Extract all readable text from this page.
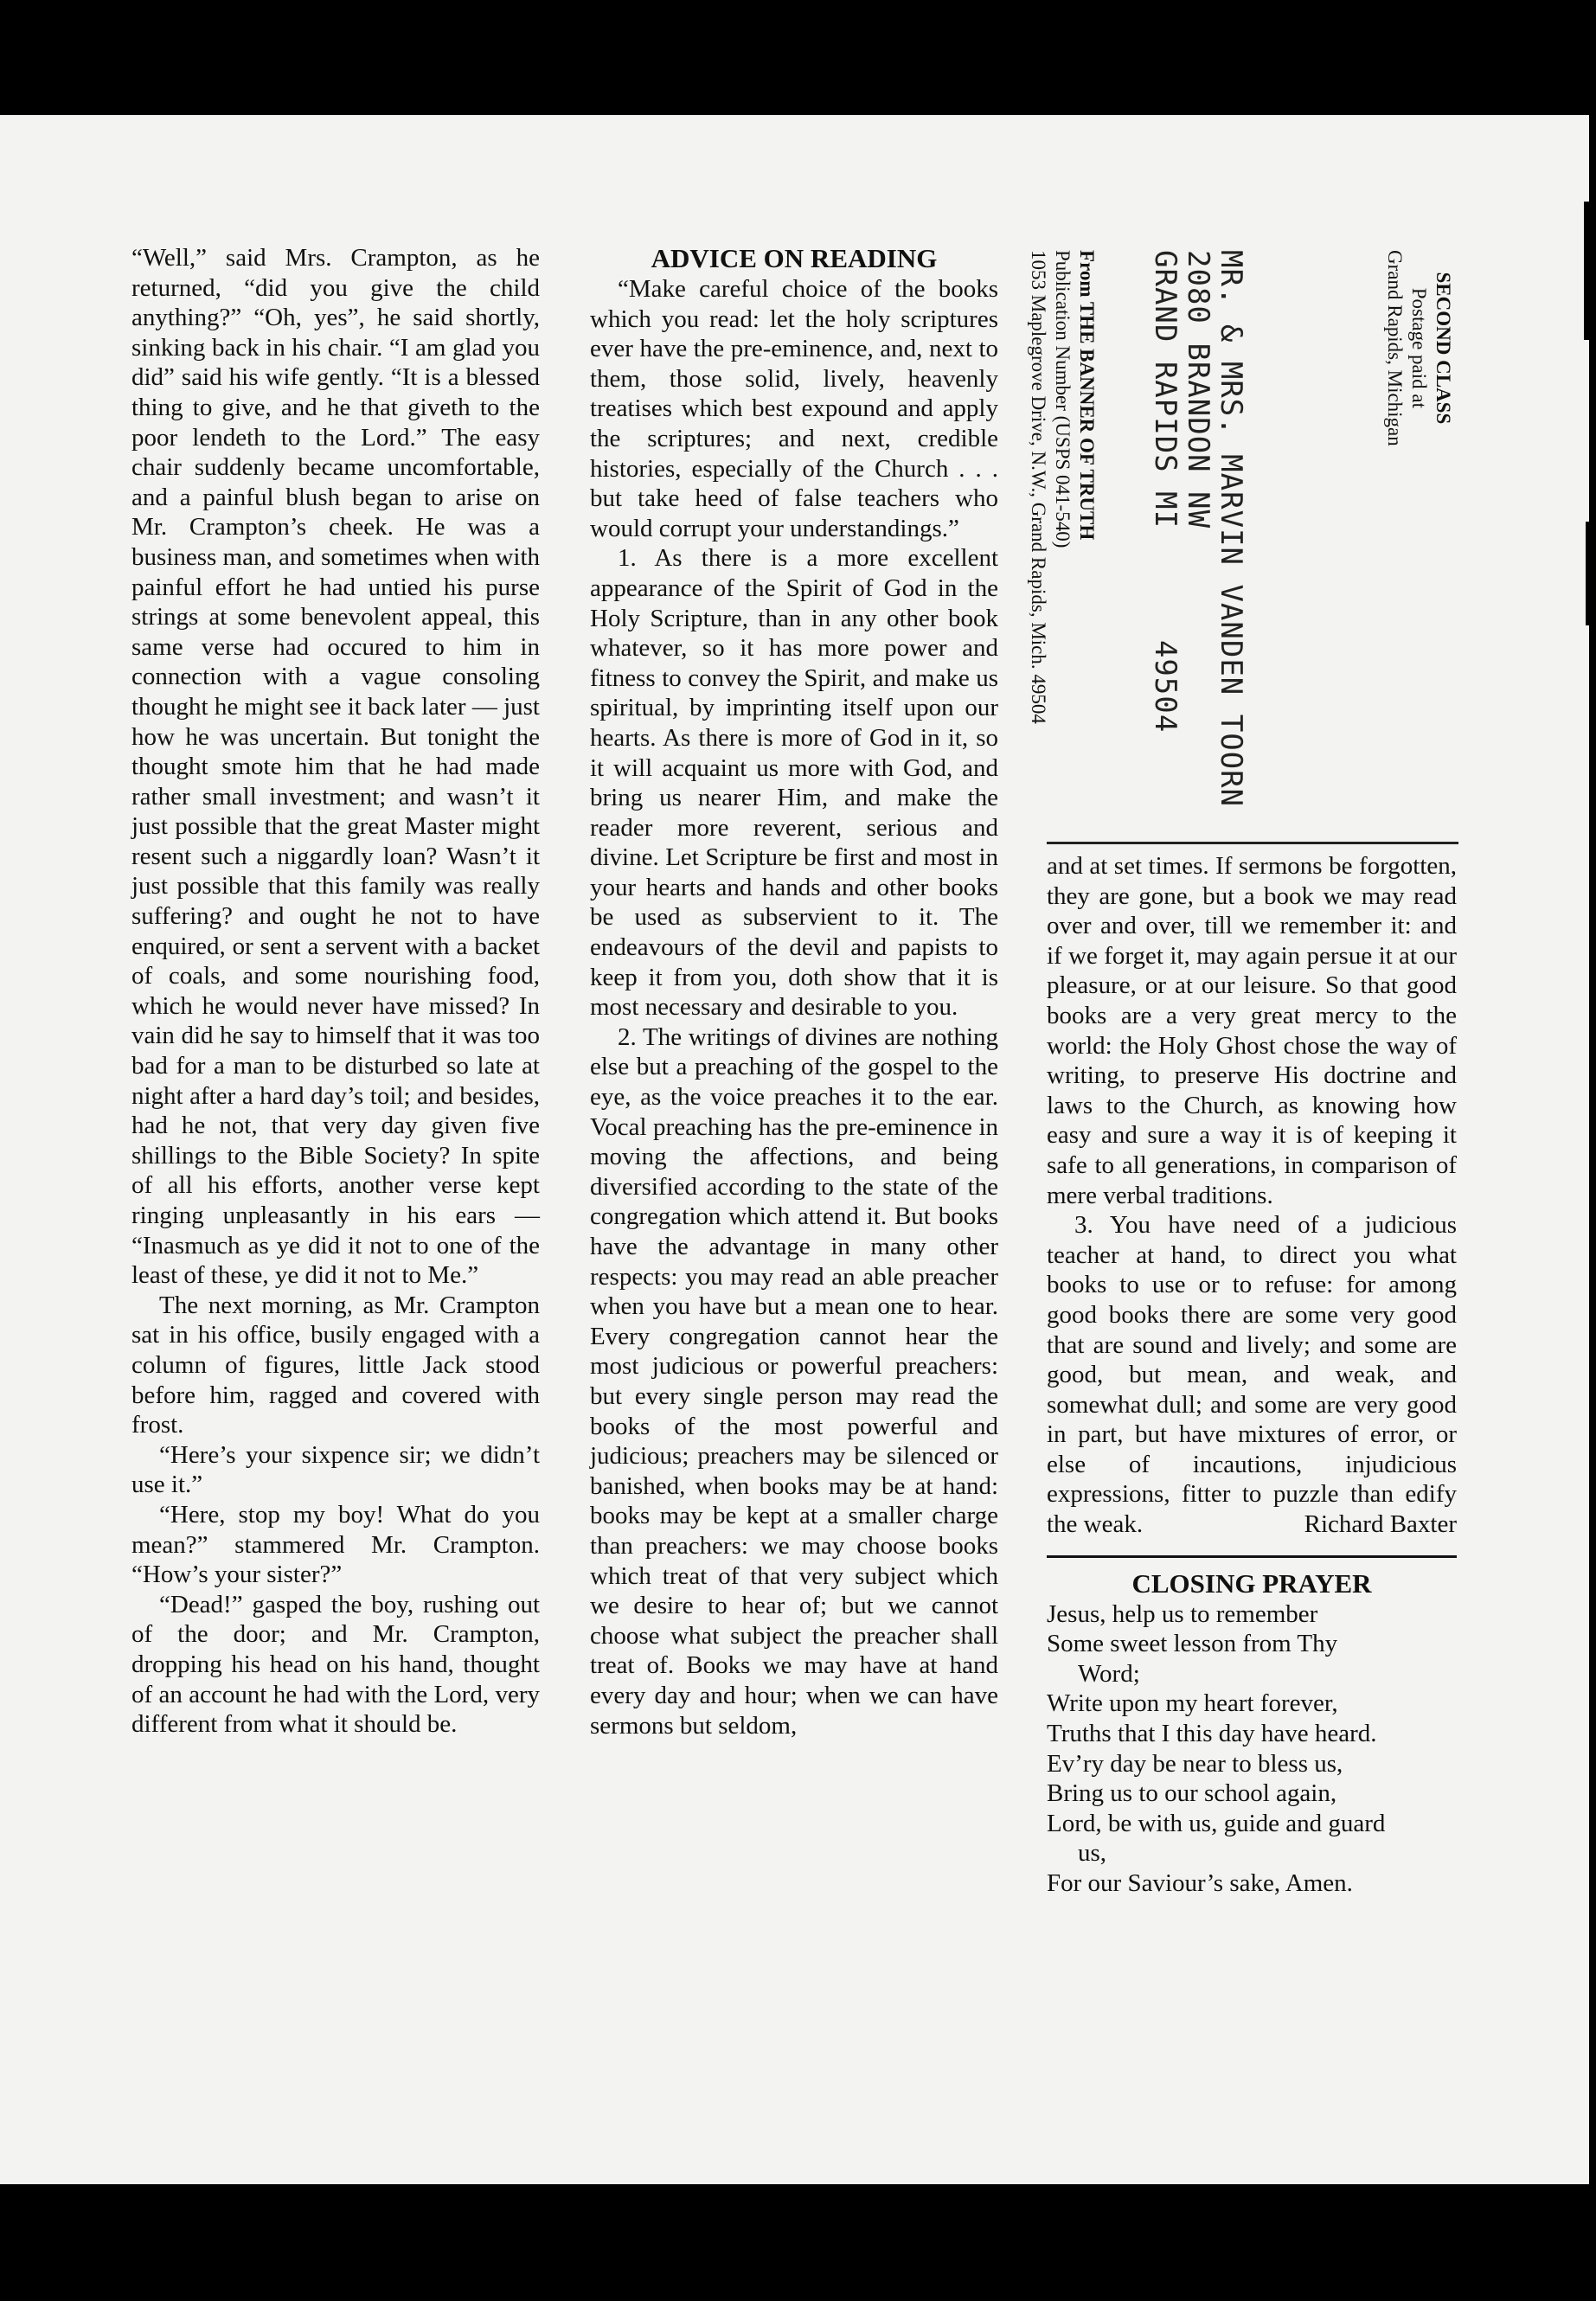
“Well,” said Mrs. Crampton, as he returned, “did you give the child anything?” “Oh, yes”, he said shortly, sinking back in his chair. “I am glad you did” said his wife gently. “It is a blessed thing to give, and he that giveth to the poor lendeth to the Lord.” The easy chair suddenly became uncomfortable, and a painful blush began to arise on Mr. Crampton’s cheek. He was a business man, and sometimes when with painful effort he had untied his purse strings at some benevolent appeal, this same verse had occured to him in connection with a vague consoling thought he might see it back later — just how he was uncertain. But tonight the thought smote him that he had made rather small investment; and wasn’t it just possible that the great Master might resent such a niggardly loan? Wasn’t it just possible that this family was really suffering? and ought he not to have enquired, or sent a servent with a backet of coals, and some nourishing food, which he would never have missed? In vain did he say to himself that it was too bad for a man to be disturbed so late at night after a hard day’s toil; and besides, had he not, that very day given five shillings to the Bible Society? In spite of all his efforts, another verse kept ringing unpleasantly in his ears — “Inasmuch as ye did it not to one of the least of these, ye did it not to Me.”

The next morning, as Mr. Crampton sat in his office, busily engaged with a column of figures, little Jack stood before him, ragged and covered with frost.

“Here’s your sixpence sir; we didn’t use it.”

“Here, stop my boy! What do you mean?” stammered Mr. Crampton. “How’s your sister?”

“Dead!” gasped the boy, rushing out of the door; and Mr. Crampton, dropping his head on his hand, thought of an account he had with the Lord, very different from what it should be.

ADVICE ON READING

“Make careful choice of the books which you read: let the holy scriptures ever have the pre-eminence, and, next to them, those solid, lively, heavenly treatises which best expound and apply the scriptures; and next, credible histories, especially of the Church . . . but take heed of false teachers who would corrupt your understandings.”

1. As there is a more excellent appearance of the Spirit of God in the Holy Scripture, than in any other book whatever, so it has more power and fitness to convey the Spirit, and make us spiritual, by imprinting itself upon our hearts. As there is more of God in it, so it will acquaint us more with God, and bring us nearer Him, and make the reader more reverent, serious and divine. Let Scripture be first and most in your hearts and hands and other books be used as subservient to it. The endeavours of the devil and papists to keep it from you, doth show that it is most necessary and desirable to you.

2. The writings of divines are nothing else but a preaching of the gospel to the eye, as the voice preaches it to the ear. Vocal preaching has the pre-eminence in moving the affections, and being diversified according to the state of the congregation which attend it. But books have the advantage in many other respects: you may read an able preacher when you have but a mean one to hear. Every congregation cannot hear the most judicious or powerful preachers: but every single person may read the books of the most powerful and judicious; preachers may be silenced or banished, when books may be at hand: books may be kept at a smaller charge than preachers: we may choose books which treat of that very subject which we desire to hear of; but we cannot choose what subject the preacher shall treat of. Books we may have at hand every day and hour; when we can have sermons but seldom,

SECOND CLASS
Postage paid at
Grand Rapids, Michigan
MR. & MRS. MARVIN VANDEN TOORN
2080 BRANDON NW
GRAND RAPIDS MI      49504
From THE BANNER OF TRUTH
Publication Number (USPS 041-540)
1053 Maplegrove Drive, N.W., Grand Rapids, Mich. 49504

and at set times. If sermons be forgotten, they are gone, but a book we may read over and over, till we remember it: and if we forget it, may again persue it at our pleasure, or at our leisure. So that good books are a very great mercy to the world: the Holy Ghost chose the way of writing, to preserve His doctrine and laws to the Church, as knowing how easy and sure a way it is of keeping it safe to all generations, in comparison of mere verbal traditions.

3. You have need of a judicious teacher at hand, to direct you what books to use or to refuse: for among good books there are some very good that are sound and lively; and some are good, but mean, and weak, and somewhat dull; and some are very good in part, but have mixtures of error, or else of incautions, injudicious expressions, fitter to puzzle than edify the weak.	Richard Baxter

CLOSING PRAYER

Jesus, help us to remember

Some sweet lesson from Thy

Word;

Write upon my heart forever,

Truths that I this day have heard.

Ev’ry day be near to bless us,

Bring us to our school again,

Lord, be with us, guide and guard

us,

For our Saviour’s sake, Amen.
